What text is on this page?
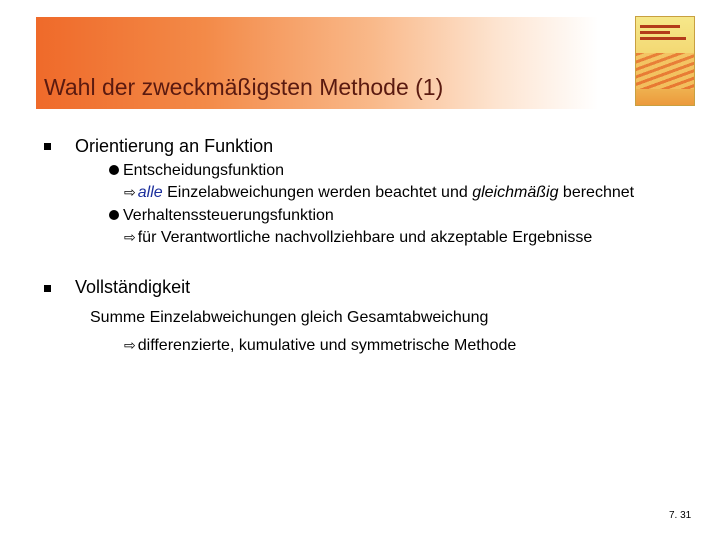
Wahl der zweckmäßigsten Methode (1)
Orientierung an Funktion
Entscheidungsfunktion
⇨ alle Einzelabweichungen werden beachtet und gleichmäßig berechnet
Verhaltenssteuerungsfunktion
⇨ für Verantwortliche nachvollziehbare und akzeptable Ergebnisse
Vollständigkeit
Summe Einzelabweichungen gleich Gesamtabweichung
⇨ differenzierte, kumulative und symmetrische Methode
7. 31
